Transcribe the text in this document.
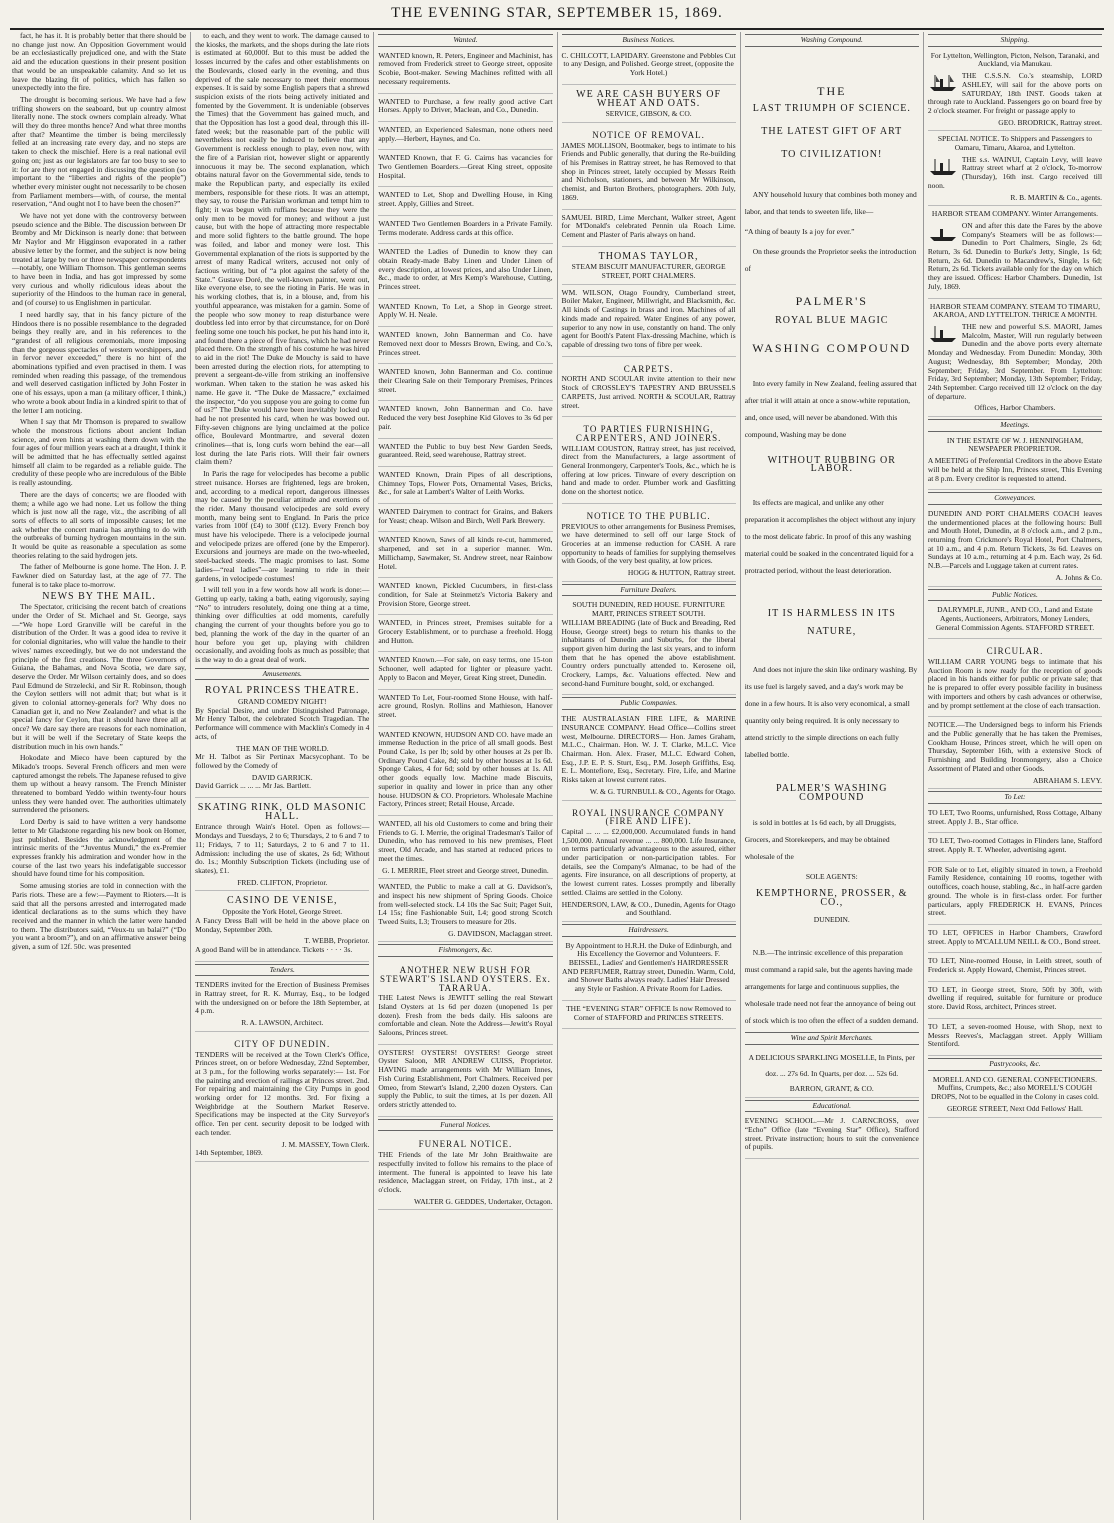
THE EVENING STAR, SEPTEMBER 15, 1869.

fact, he has it. It is probably better that there should be no change just now. An Opposition Government would be an ecclesiastically prejudiced one, and with the State aid and the education questions in their present position that would be an unspeakable calamity. And so let us leave the blazing fit of politics, which has fallen so unexpectedly into the fire.

The drought is becoming serious. We have had a few trifling showers on the seaboard, but up country almost literally none. The stock owners complain already. What will they do three months hence? And what three months after that? Meantime the timber is being mercilessly felled at an increasing rate every day, and no steps are taken to check the mischief. Here is a real national evil going on; just as our legislators are far too busy to see to it: for are they not engaged in discussing the question (so important to the “liberties and rights of the people”) whether every minister ought not necessarily to be chosen from Parliament members—with, of course, the mental reservation, “And ought not I to have been the chosen?”

We have not yet done with the controversy between pseudo science and the Bible. The discussion between Dr Bromby and Mr Dickinson is nearly done: that between Mr Naylor and Mr Higginson evaporated in a rather abusive letter by the former, and the subject is now being treated at large by two or three newspaper correspondents —notably, one William Thomson. This gentleman seems to have been in India, and has got impressed by some very curious and wholly ridiculous ideas about the superiority of the Hindoos to the human race in general, and (of course) to us Englishmen in particular.

I need hardly say, that in his fancy picture of the Hindoos there is no possible resemblance to the degraded beings they really are, and in his references to the “grandest of all religious ceremonials, more imposing than the gorgeous spectacles of western worshippers, and in fervor never exceeded,” there is no hint of the abominations typified and even practised in them. I was reminded when reading this passage, of the tremendous and well deserved castigation inflicted by John Foster in one of his essays, upon a man (a military officer, I think,) who wrote a book about India in a kindred spirit to that of the letter I am noticing.

When I say that Mr Thomson is prepared to swallow whole the monstrous fictions about ancient Indian science, and even hints at washing them down with the four ages of four million years each at a draught, I think it will be admitted that he has effectually settled against himself all claim to be regarded as a reliable guide. The credulity of these people who are incredulous of the Bible is really astounding.

There are the days of concerts; we are flooded with them; a while ago we had none. Let us follow the thing which is just now all the rage, viz., the ascribing of all sorts of effects to all sorts of impossible causes; let me ask whether the concert mania has anything to do with the outbreaks of burning hydrogen mountains in the sun. It would be quite as reasonable a speculation as some theories relating to the said hydrogen jets.

The father of Melbourne is gone home. The Hon. J. P. Fawkner died on Saturday last, at the age of 77. The funeral is to take place to-morrow.

NEWS BY THE MAIL.

The Spectator, criticising the recent batch of creations under the Order of St. Michael and St. George, says—“We hope Lord Granville will be careful in the distribution of the Order. It was a good idea to revive it for colonial dignitaries, who will value the handle to their wives' names exceedingly, but we do not understand the principle of the first creations. The three Governors of Guiana, the Bahamas, and Nova Scotia, we dare say, deserve the Order. Mr Wilson certainly does, and so does Paul Edmund de Strzelecki, and Sir R. Robinson, though the Ceylon settlers will not admit that; but what is it given to colonial attorney-generals for? Why does no Canadian get it, and no New Zealander? and what is the special fancy for Ceylon, that it should have three all at once? We dare say there are reasons for each nomination, but it will be well if the Secretary of State keeps the distribution much in his own hands.”

Hokodate and Mieco have been captured by the Mikado's troops. Several French officers and men were captured amongst the rebels. The Japanese refused to give them up without a heavy ransom. The French Minister threatened to bombard Yeddo within twenty-four hours unless they were handed over. The authorities ultimately surrendered the prisoners.

Lord Derby is said to have written a very handsome letter to Mr Gladstone regarding his new book on Homer, just published. Besides the acknowledgment of the intrinsic merits of the “Juventus Mundi,” the ex-Premier expresses frankly his admiration and wonder how in the course of the last two years his indefatigable successor should have found time for his composition.

Some amusing stories are told in connection with the Paris riots. These are a few:—Payment to Rioters.—It is said that all the persons arrested and interrogated made identical declarations as to the sums which they have received and the manner in which the latter were handed to them. The distributors said, “Veux-tu un balai?” (“Do you want a broom?”), and on an affirmative answer being given, a sum of 12f. 50c. was presented

to each, and they went to work. The damage caused to the kiosks, the markets, and the shops during the late riots is estimated at 60,000f. But to this must be added the losses incurred by the cafes and other establishments on the Boulevards, closed early in the evening, and thus deprived of the sale necessary to meet their enormous expenses. It is said by some English papers that a shrewd suspicion exists of the riots being actively initiated and fomented by the Government. It is undeniable (observes the Times) that the Government has gained much, and that the Opposition has lost a good deal, through this ill-fated week; but the reasonable part of the public will nevertheless not easily be induced to believe that any Government is reckless enough to play, even now, with the fire of a Parisian riot, however slight or apparently innocuous it may be. The second explanation, which obtains natural favor on the Governmental side, tends to make the Republican party, and especially its exiled members, responsible for these riots. It was an attempt, they say, to rouse the Parisian workman and tempt him to fight; it was begun with ruffians because they were the only men to be moved for money; and without a just cause, but with the hope of attracting more respectable and more solid fighters to the battle ground. The hope was foiled, and labor and money were lost. This Governmental explanation of the riots is supported by the arrest of many Radical writers, accused not only of factious writing, but of “a plot against the safety of the State.” Gustave Doré, the well-known painter, went out, like everyone else, to see the rioting in Paris. He was in his working clothes, that is, in a blouse, and, from his youthful appearance, was mistaken for a gamin. Some of the people who sow money to reap disturbance were doubtless led into error by that circumstance, for on Doré feeling some one touch his pocket, he put his hand into it, and found there a piece of five francs, which he had never placed there. On the strength of his costume he was hired to aid in the riot! The Duke de Mouchy is said to have been arrested during the election riots, for attempting to prevent a sergeant-de-ville from striking an inoffensive workman. When taken to the station he was asked his name. He gave it. “The Duke de Massacre,” exclaimed the inspector, “do you suppose you are going to come fun of us?” The Duke would have been inevitably locked up had he not presented his card, when he was bowed out. Fifty-seven chignons are lying unclaimed at the police office, Boulevard Montmartre, and several dozen crinolines—that is, long curls worn behind the ear—all lost during the late Paris riots. Will their fair owners claim them?

In Paris the rage for velocipedes has become a public street nuisance. Horses are frightened, legs are broken, and, according to a medical report, dangerous illnesses may be caused by the peculiar attitude and exertions of the rider. Many thousand velocipedes are sold every month, many being sent to England. In Paris the price varies from 100f (£4) to 300f (£12). Every French boy must have his velocipede. There is a velocipede journal and velocipede prizes are offered (one by the Emperor). Excursions and journeys are made on the two-wheeled, steel-backed steeds. The magic promises to last. Some ladies—“real ladies”—are learning to ride in their gardens, in velocipede costumes!

I will tell you in a few words how all work is done:—Getting up early, taking a bath, eating vigorously, saying “No” to intruders resolutely, doing one thing at a time, thinking over difficulties at odd moments, carefully changing the current of your thoughts before you go to bed, planning the work of the day in the quarter of an hour before you get up, playing with children occasionally, and avoiding fools as much as possible; that is the way to do a great deal of work.

Amusements.
ROYAL PRINCESS THEATRE.
GRAND COMEDY NIGHT!

By Special Desire, and under Distinguished Patronage, Mr Henry Talbot, the celebrated Scotch Tragedian. The Performance will commence with Macklin's Comedy in 4 acts, of

THE MAN OF THE WORLD.

Mr H. Talbot as Sir Pertinax Macsycophant. To be followed by the Comedy of

DAVID GARRICK.

David Garrick ... ... ... Mr Jas. Bartlett.

SKATING RINK, OLD MASONIC HALL.

Entrance through Wain's Hotel. Open as follows:—Mondays and Tuesdays, 2 to 6; Thursdays, 2 to 6 and 7 to 11; Fridays, 7 to 11; Saturdays, 2 to 6 and 7 to 11. Admission: including the use of skates, 2s 6d; Without do. 1s.; Monthly Subscription Tickets (including use of skates), £1.

FRED. CLIFTON, Proprietor.
CASINO DE VENISE,
Opposite the York Hotel, George Street.

A Fancy Dress Ball will be held in the above place on Monday, September 20th.

T. WEBB, Proprietor.

A good Band will be in attendance. Tickets · · · · 3s.

Tenders.

TENDERS invited for the Erection of Business Premises in Rattray street, for R. K. Murray, Esq., to be lodged with the undersigned on or before the 18th September, at 4 p.m.

R. A. LAWSON, Architect.
CITY OF DUNEDIN.

TENDERS will be received at the Town Clerk's Office, Princes street, on or before Wednesday, 22nd September, at 3 p.m., for the following works separately:— 1st. For the painting and erection of railings at Princes street. 2nd. For repairing and maintaining the City Pumps in good working order for 12 months. 3rd. For fixing a Weighbridge at the Southern Market Reserve. Specifications may be inspected at the City Surveyor's office. Ten per cent. security deposit to be lodged with each tender.

J. M. MASSEY, Town Clerk.
14th September, 1869.
Wanted.

WANTED known, R. Peters, Engineer and Machinist, has removed from Frederick street to George street, opposite Scobie, Boot-maker. Sewing Machines refitted with all necessary requirements.

WANTED to Purchase, a few really good active Cart Horses. Apply to Driver, Maclean, and Co., Dunedin.

WANTED, an Experienced Salesman, none others need apply.—Herbert, Haynes, and Co.

WANTED Known, that F. G. Cairns has vacancies for Two Gentlemen Boarders.—Great King street, opposite Hospital.

WANTED to Let, Shop and Dwelling House, in King street. Apply, Gillies and Street.

WANTED Two Gentlemen Boarders in a Private Family. Terms moderate. Address cards at this office.

WANTED the Ladies of Dunedin to know they can obtain Ready-made Baby Linen and Under Linen of every description, at lowest prices, and also Under Linen, &c., made to order, at Mrs Kemp's Warehouse, Cutting, Princes street.

WANTED Known, To Let, a Shop in George street. Apply W. H. Neale.

WANTED known, John Bannerman and Co. have Removed next door to Messrs Brown, Ewing, and Co.'s, Princes street.

WANTED known, John Bannerman and Co. continue their Clearing Sale on their Temporary Premises, Princes street.

WANTED known, John Bannerman and Co. have Reduced the very best Josephine Kid Gloves to 3s 6d per pair.

WANTED the Public to buy best New Garden Seeds, guaranteed. Reid, seed warehouse, Rattray street.

WANTED Known, Drain Pipes of all descriptions, Chimney Tops, Flower Pots, Ornamental Vases, Bricks, &c., for sale at Lambert's Walter of Leith Works.

WANTED Dairymen to contract for Grains, and Bakers for Yeast; cheap. Wilson and Birch, Well Park Brewery.

WANTED Known, Saws of all kinds re-cut, hammered, sharpened, and set in a superior manner. Wm. Millichamp, Sawmaker, St. Andrew street, near Rainbow Hotel.

WANTED known, Pickled Cucumbers, in first-class condition, for Sale at Steinmetz's Victoria Bakery and Provision Store, George street.

WANTED, in Princes street, Premises suitable for a Grocery Establishment, or to purchase a freehold. Hogg and Hutton.

WANTED Known.—For sale, on easy terms, one 15-ton Schooner, well adapted for lighter or pleasure yacht. Apply to Bacon and Meyer, Great King street, Dunedin.

WANTED To Let, Four-roomed Stone House, with half-acre ground, Roslyn. Rollins and Mathieson, Hanover street.

WANTED KNOWN, HUDSON AND CO. have made an immense Reduction in the price of all small goods. Best Pound Cake, 1s per lb; sold by other houses at 2s per lb. Ordinary Pound Cake, 8d; sold by other houses at 1s 6d. Sponge Cakes, 4 for 6d; sold by other houses at 1s. All other goods equally low. Machine made Biscuits, superior in quality and lower in price than any other house. HUDSON & CO. Proprietors. Wholesale Machine Factory, Princes street; Retail House, Arcade.

WANTED, all his old Customers to come and bring their Friends to G. I. Merrie, the original Tradesman's Tailor of Dunedin, who has removed to his new premises, Fleet street, Old Arcade, and has started at reduced prices to meet the times.

G. I. MERRIE, Fleet street and George street, Dunedin.

WANTED, the Public to make a call at G. Davidson's, and inspect his new shipment of Spring Goods. Choice from well-selected stock. L4 10s the Sac Suit; Paget Suit, L4 15s; fine Fashionable Suit, L4; good strong Scotch Tweed Suits, L3; Trousers to measure for 20s.

G. DAVIDSON, Maclaggan street.
Fishmongers, &c.
ANOTHER NEW RUSH FOR STEWART'S ISLAND OYSTERS. Ex. TARARUA.

THE Latest News is JEWITT selling the real Stewart Island Oysters at 1s 6d per dozen (unopened 1s per dozen). Fresh from the beds daily. His saloons are comfortable and clean. Note the Address—Jewitt's Royal Saloons, Princes street.

OYSTERS! OYSTERS! OYSTERS! George street Oyster Saloon, MR ANDREW CUISS, Proprietor. HAVING made arrangements with Mr William Innes, Fish Curing Establishment, Port Chalmers. Received per Omeo, from Stewart's Island, 2,200 dozen Oysters. Can supply the Public, to suit the times, at 1s per dozen. All orders strictly attended to.

Funeral Notices.
FUNERAL NOTICE.

THE Friends of the late Mr John Braithwaite are respectfully invited to follow his remains to the place of interment. The funeral is appointed to leave his late residence, Maclaggan street, on Friday, 17th inst., at 2 o'clock.

WALTER G. GEDDES, Undertaker, Octagon.
Business Notices.

C. CHILCOTT, LAPIDARY. Greenstone and Pebbles Cut to any Design, and Polished. George street, (opposite the York Hotel.)

WE ARE CASH BUYERS OF WHEAT AND OATS.
SERVICE, GIBSON, & CO.
NOTICE OF REMOVAL.

JAMES MOLLISON, Bootmaker, begs to intimate to his Friends and Public generally, that during the Re-building of his Premises in Rattray street, he has Removed to that shop in Princes street, lately occupied by Messrs Reith and Nicholson, stationers, and between Mr Wilkinson, chemist, and Burton Brothers, photographers. 20th July, 1869.

SAMUEL BIRD, Lime Merchant, Walker street, Agent for M'Donald's celebrated Pennin ula Roach Lime. Cement and Plaster of Paris always on hand.

THOMAS TAYLOR,
STEAM BISCUIT MANUFACTURER, GEORGE STREET, PORT CHALMERS.

WM. WILSON, Otago Foundry, Cumberland street, Boiler Maker, Engineer, Millwright, and Blacksmith, &c. All kinds of Castings in brass and iron. Machines of all kinds made and repaired. Water Engines of any power, superior to any now in use, constantly on hand. The only agent for Booth's Patent Flax-dressing Machine, which is capable of dressing two tons of fibre per week.

CARPETS.

NORTH AND SCOULAR invite attention to their new Stock of CROSSLEY'S TAPESTRY AND BRUSSELS CARPETS, Just arrived. NORTH & SCOULAR, Rattray street.

TO PARTIES FURNISHING, CARPENTERS, AND JOINERS.

WILLIAM COUSTON, Rattray street, has just received, direct from the Manufacturers, a large assortment of General Ironmongery, Carpenter's Tools, &c., which he is offering at low prices. Tinware of every description on hand and made to order. Plumber work and Gasfitting done on the shortest notice.

NOTICE TO THE PUBLIC.

PREVIOUS to other arrangements for Business Premises, we have determined to sell off our large Stock of Groceries at an immense reduction for CASH. A rare opportunity to heads of families for supplying themselves with Goods, of the very best quality, at low prices.

HOGG & HUTTON, Rattray street.
Furniture Dealers.
SOUTH DUNEDIN, RED HOUSE. FURNITURE MART, PRINCES STREET SOUTH.

WILLIAM BREADING (late of Buck and Breading, Red House, George street) begs to return his thanks to the inhabitants of Dunedin and Suburbs, for the liberal support given him during the last six years, and to inform them that he has opened the above establishment. Country orders punctually attended to. Kerosene oil, Crockery, Lamps, &c. Valuations effected. New and second-hand Furniture bought, sold, or exchanged.

Public Companies.

THE AUSTRALASIAN FIRE LIFE, & MARINE INSURANCE COMPANY. Head Office—Collins street west, Melbourne. DIRECTORS— Hon. James Graham, M.L.C., Chairman. Hon. W. J. T. Clarke, M.L.C. Vice Chairman. Hon. Alex. Fraser, M.L.C. Edward Cohen, Esq., J.P. E. P. S. Sturt, Esq., P.M. Joseph Griffiths, Esq. E. L. Montefiore, Esq., Secretary. Fire, Life, and Marine Risks taken at lowest current rates.

W. & G. TURNBULL & CO., Agents for Otago.
ROYAL INSURANCE COMPANY (FIRE AND LIFE).

Capital ... ... ... £2,000,000. Accumulated funds in hand 1,500,000. Annual revenue ... ... 800,000. Life Insurance, on terms particularly advantageous to the assured, either under participation or non-participation tables. For details, see the Company's Almanac, to be had of the agents. Fire insurance, on all descriptions of property, at the lowest current rates. Losses promptly and liberally settled. Claims are settled in the Colony.

HENDERSON, LAW, & CO., Dunedin, Agents for Otago and Southland.
Hairdressers.

By Appointment to H.R.H. the Duke of Edinburgh, and His Excellency the Governor and Volunteers. F. BEISSEL, Ladies' and Gentlemen's HAIRDRESSER AND PERFUMER, Rattray street, Dunedin. Warm, Cold, and Shower Baths always ready. Ladies' Hair Dressed any Style or Fashion. A Private Room for Ladies.

THE “EVENING STAR” OFFICE Is now Removed to Corner of STAFFORD and PRINCES STREETS.

Washing Compound.
THE
LAST TRIUMPH OF SCIENCE.
THE LATEST GIFT OF ART
TO CIVILIZATION!

ANY household luxury that combines both money and labor, and that tends to sweeten life, like—

“A thing of beauty Is a joy for ever.”

On these grounds the Proprietor seeks the introduction of

PALMER'S
ROYAL BLUE MAGIC
WASHING COMPOUND

Into every family in New Zealand, feeling assured that after trial it will attain at once a snow-white reputation, and, once used, will never be abandoned. With this compound, Washing may be done

WITHOUT RUBBING OR LABOR.

Its effects are magical, and unlike any other preparation it accomplishes the object without any injury to the most delicate fabric. In proof of this any washing material could be soaked in the concentrated liquid for a protracted period, without the least deterioration.

IT IS HARMLESS IN ITS NATURE,

And does not injure the skin like ordinary washing. By its use fuel is largely saved, and a day's work may be done in a few hours. It is also very economical, a small quantity only being required. It is only necessary to attend strictly to the simple directions on each fully labelled bottle.

PALMER'S WASHING COMPOUND

is sold in bottles at 1s 6d each, by all Druggists, Grocers, and Storekeepers, and may be obtained wholesale of the

SOLE AGENTS:
KEMPTHORNE, PROSSER, & CO.,
DUNEDIN.

N.B.—The intrinsic excellence of this preparation must command a rapid sale, but the agents having made arrangements for large and continuous supplies, the wholesale trade need not fear the annoyance of being out of stock which is too often the effect of a sudden demand.

Wine and Spirit Merchants.

A DELICIOUS SPARKLING MOSELLE, In Pints, per doz. ... 27s 6d. In Quarts, per doz. ... 52s 6d.

BARRON, GRANT, & CO.
Educational.

EVENING SCHOOL.—Mr J. CARNCROSS, over “Echo” Office (late “Evening Star” Office), Stafford street. Private instruction; hours to suit the convenience of pupils.

Shipping.

For Lyttelton, Wellington, Picton, Nelson, Taranaki, and Auckland, via Manukau.

THE C.S.S.N. Co.'s steamship, LORD ASHLEY, will sail for the above ports on SATURDAY, 18th INST. Goods taken at through rate to Auckland. Passengers go on board free by 2 o'clock steamer. For freight or passage apply to

GEO. BRODRICK, Rattray street.

SPECIAL NOTICE. To Shippers and Passengers to Oamaru, Timaru, Akaroa, and Lyttelton.

THE s.s. WAINUI, Captain Levy, will leave Rattray street wharf at 2 o'clock, To-morrow (Thursday), 16th inst. Cargo received till noon.

R. B. MARTIN & Co., agents.

HARBOR STEAM COMPANY. Winter Arrangements.

ON and after this date the Fares by the above Company's Steamers will be as follows:— Dunedin to Port Chalmers, Single, 2s 6d; Return, 3s 6d. Dunedin to Burke's Jetty, Single, 1s 6d; Return, 2s 6d. Dunedin to Macandrew's, Single, 1s 6d; Return, 2s 6d. Tickets available only for the day on which they are issued. Offices: Harbor Chambers. Dunedin, 1st July, 1869.

HARBOR STEAM COMPANY. STEAM TO TIMARU, AKAROA, AND LYTTELTON. THRICE A MONTH.

THE new and powerful S.S. MAORI, James Malcolm, Master, Will run regularly between Dunedin and the above ports every alternate Monday and Wednesday. From Dunedin: Monday, 30th August; Wednesday, 8th September; Monday, 20th September; Friday, 3rd September. From Lyttelton: Friday, 3rd September; Monday, 13th September; Friday, 24th September. Cargo received till 12 o'clock on the day of departure.

Offices, Harbor Chambers.
Meetings.

IN THE ESTATE OF W. J. HENNINGHAM, NEWSPAPER PROPRIETOR.

A MEETING of Preferential Creditors in the above Estate will be held at the Ship Inn, Princes street, This Evening at 8 p.m. Every creditor is requested to attend.

Conveyances.

DUNEDIN AND PORT CHALMERS COACH leaves the undermentioned places at the following hours: Bull and Mouth Hotel, Dunedin, at 8 o'clock a.m., and 2 p.m., returning from Crickmore's Royal Hotel, Port Chalmers, at 10 a.m., and 4 p.m. Return Tickets, 3s 6d. Leaves on Sundays at 10 a.m., returning at 4 p.m. Each way, 2s 6d. N.B.—Parcels and Luggage taken at current rates.

A. Johns & Co.
Public Notices.

DALRYMPLE, JUNR., AND CO., Land and Estate Agents, Auctioneers, Arbitrators, Money Lenders, General Commission Agents. STAFFORD STREET.

CIRCULAR.

WILLIAM CARR YOUNG begs to intimate that his Auction Room is now ready for the reception of goods placed in his hands either for public or private sale; that he is prepared to offer every possible facility in business with importers and others by cash advances or otherwise, and by prompt settlement at the close of each transaction.

NOTICE.—The Undersigned begs to inform his Friends and the Public generally that he has taken the Premises, Cookham House, Princes street, which he will open on Thursday, September 16th, with a extensive Stock of Furnishing and Building Ironmongery, also a Choice Assortment of Plated and other Goods.

ABRAHAM S. LEVY.
To Let:

TO LET, Two Rooms, unfurnished, Ross Cottage, Albany street. Apply J. B., Star office.

TO LET, Two-roomed Cottages in Flinders lane, Stafford street. Apply R. T. Wheeler, advertising agent.

FOR Sale or to Let, eligibly situated in town, a Freehold Family Residence, containing 10 rooms, together with outoffices, coach house, stabling, &c., in half-acre garden ground. The whole is in first-class order. For further particulars, apply FREDERICK H. EVANS, Princes street.

TO LET, OFFICES in Harbor Chambers, Crawford street. Apply to M'CALLUM NEILL & CO., Bond street.

TO LET, Nine-roomed House, in Leith street, south of Frederick st. Apply Howard, Chemist, Princes street.

TO LET, in George street, Store, 50ft by 30ft, with dwelling if required, suitable for furniture or produce store. David Ross, architect, Princes street.

TO LET, a seven-roomed House, with Shop, next to Messrs Reeves's, Maclaggan street. Apply William Stentiford.

Pastrycooks, &c.

MORELL AND CO. GENERAL CONFECTIONERS. Muffins, Crumpets, &c.; also MORELL'S COUGH DROPS, Not to be equalled in the Colony in cases cold.

GEORGE STREET, Next Odd Fellows' Hall.
